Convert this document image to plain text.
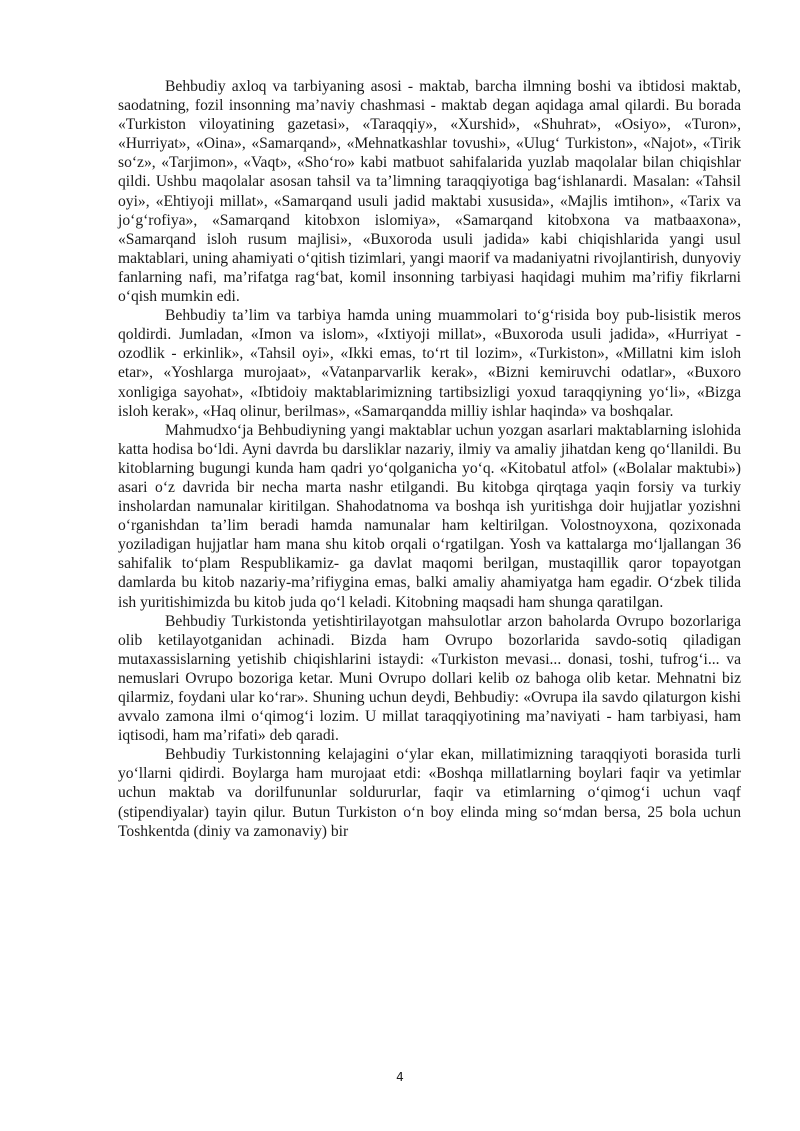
Behbudiy axloq va tarbiyaning asosi - maktab, barcha ilmning boshi va ibtidosi maktab, saodatning, fozil insonning ma’naviy chashmasi - maktab degan aqidaga amal qilardi. Bu borada «Turkiston viloyatining gazetasi», «Taraqqiy», «Xurshid», «Shuhrat», «Osiyo», «Turon», «Hurriyat», «Oina», «Samarqand», «Mehnatkashlar tovushi», «Ulug‘ Turkiston», «Najot», «Tirik so‘z», «Tarjimon», «Vaqt», «Sho‘ro» kabi matbuot sahifalarida yuzlab maqolalar bilan chiqishlar qildi. Ushbu maqolalar asosan tahsil va ta’limning taraqqiyotiga bag‘ishlanardi. Masalan: «Tahsil oyi», «Ehtiyoji millat», «Samarqand usuli jadid maktabi xususida», «Majlis imtihon», «Tarix va jo‘g‘rofiya», «Samarqand kitobxon islomiya», «Samarqand kitobxona va matbaaxona», «Samarqand isloh rusum majlisi», «Buxoroda usuli jadida» kabi chiqishlarida yangi usul maktablari, uning ahamiyati o‘qitish tizimlari, yangi maorif va madaniyatni rivojlantirish, dunyoviy fanlarning nafi, ma’rifatga rag‘bat, komil insonning tarbiyasi haqidagi muhim ma’rifiy fikrlarni o‘qish mumkin edi.

Behbudiy ta’lim va tarbiya hamda uning muammolari to‘g‘risida boy pub-lisistik meros qoldirdi. Jumladan, «Imon va islom», «Ixtiyoji millat», «Buxoroda usuli jadida», «Hurriyat - ozodlik - erkinlik», «Tahsil oyi», «Ikki emas, to‘rt til lozim», «Turkiston», «Millatni kim isloh etar», «Yoshlarga murojaat», «Vatanparvarlik kerak», «Bizni kemiruvchi odatlar», «Buxoro xonligiga sayohat», «Ibtidoiy maktablarimizning tartibsizligi yoxud taraqqiyning yo‘li», «Bizga isloh kerak», «Haq olinur, berilmas», «Samarqandda milliy ishlar haqinda» va boshqalar.

Mahmudxo‘ja Behbudiyning yangi maktablar uchun yozgan asarlari maktablarning islohida katta hodisa bo‘ldi. Ayni davrda bu darsliklar nazariy, ilmiy va amaliy jihatdan keng qo‘llanildi. Bu kitoblarning bugungi kunda ham qadri yo‘qolganicha yo‘q. «Kitobatul atfol» («Bolalar maktubi») asari o‘z davrida bir necha marta nashr etilgandi. Bu kitobga qirqtaga yaqin forsiy va turkiy insholardan namunalar kiritilgan. Shahodatnoma va boshqa ish yuritishga doir hujjatlar yozishni o‘rganishdan ta’lim beradi hamda namunalar ham keltirilgan. Volostnoyxona, qozixonada yoziladigan hujjatlar ham mana shu kitob orqali o‘rgatilgan. Yosh va kattalarga mo‘ljallangan 36 sahifalik to‘plam Respublikamiz- ga davlat maqomi berilgan, mustaqillik qaror topayotgan damlarda bu kitob nazariy-ma’rifiygina emas, balki amaliy ahamiyatga ham egadir. O‘zbek tilida ish yuritishimizda bu kitob juda qo‘l keladi. Kitobning maqsadi ham shunga qaratilgan.

Behbudiy Turkistonda yetishtirilayotgan mahsulotlar arzon baholarda Ovrupo bozorlariga olib ketilayotganidan achinadi. Bizda ham Ovrupo bozorlarida savdo-sotiq qiladigan mutaxassislarning yetishib chiqishlarini istaydi: «Turkiston mevasi... donasi, toshi, tufrog‘i... va nemuslari Ovrupo bozoriga ketar. Muni Ovrupo dollari kelib oz bahoga olib ketar. Mehnatni biz qilarmiz, foydani ular ko‘rar». Shuning uchun deydi, Behbudiy: «Ovrupa ila savdo qilaturgon kishi avvalo zamona ilmi o‘qimog‘i lozim. U millat taraqqiyotining ma’naviyati - ham tarbiyasi, ham iqtisodi, ham ma’rifati» deb qaradi.

Behbudiy Turkistonning kelajagini o‘ylar ekan, millatimizning taraqqiyoti borasida turli yo‘llarni qidirdi. Boylarga ham murojaat etdi: «Boshqa millatlarning boylari faqir va yetimlar uchun maktab va dorilfununlar soldururlar, faqir va etimlarning o‘qimog‘i uchun vaqf (stipendiyalar) tayin qilur. Butun Turkiston o‘n boy elinda ming so‘mdan bersa, 25 bola uchun Toshkentda (diniy va zamonaviy) bir

4
